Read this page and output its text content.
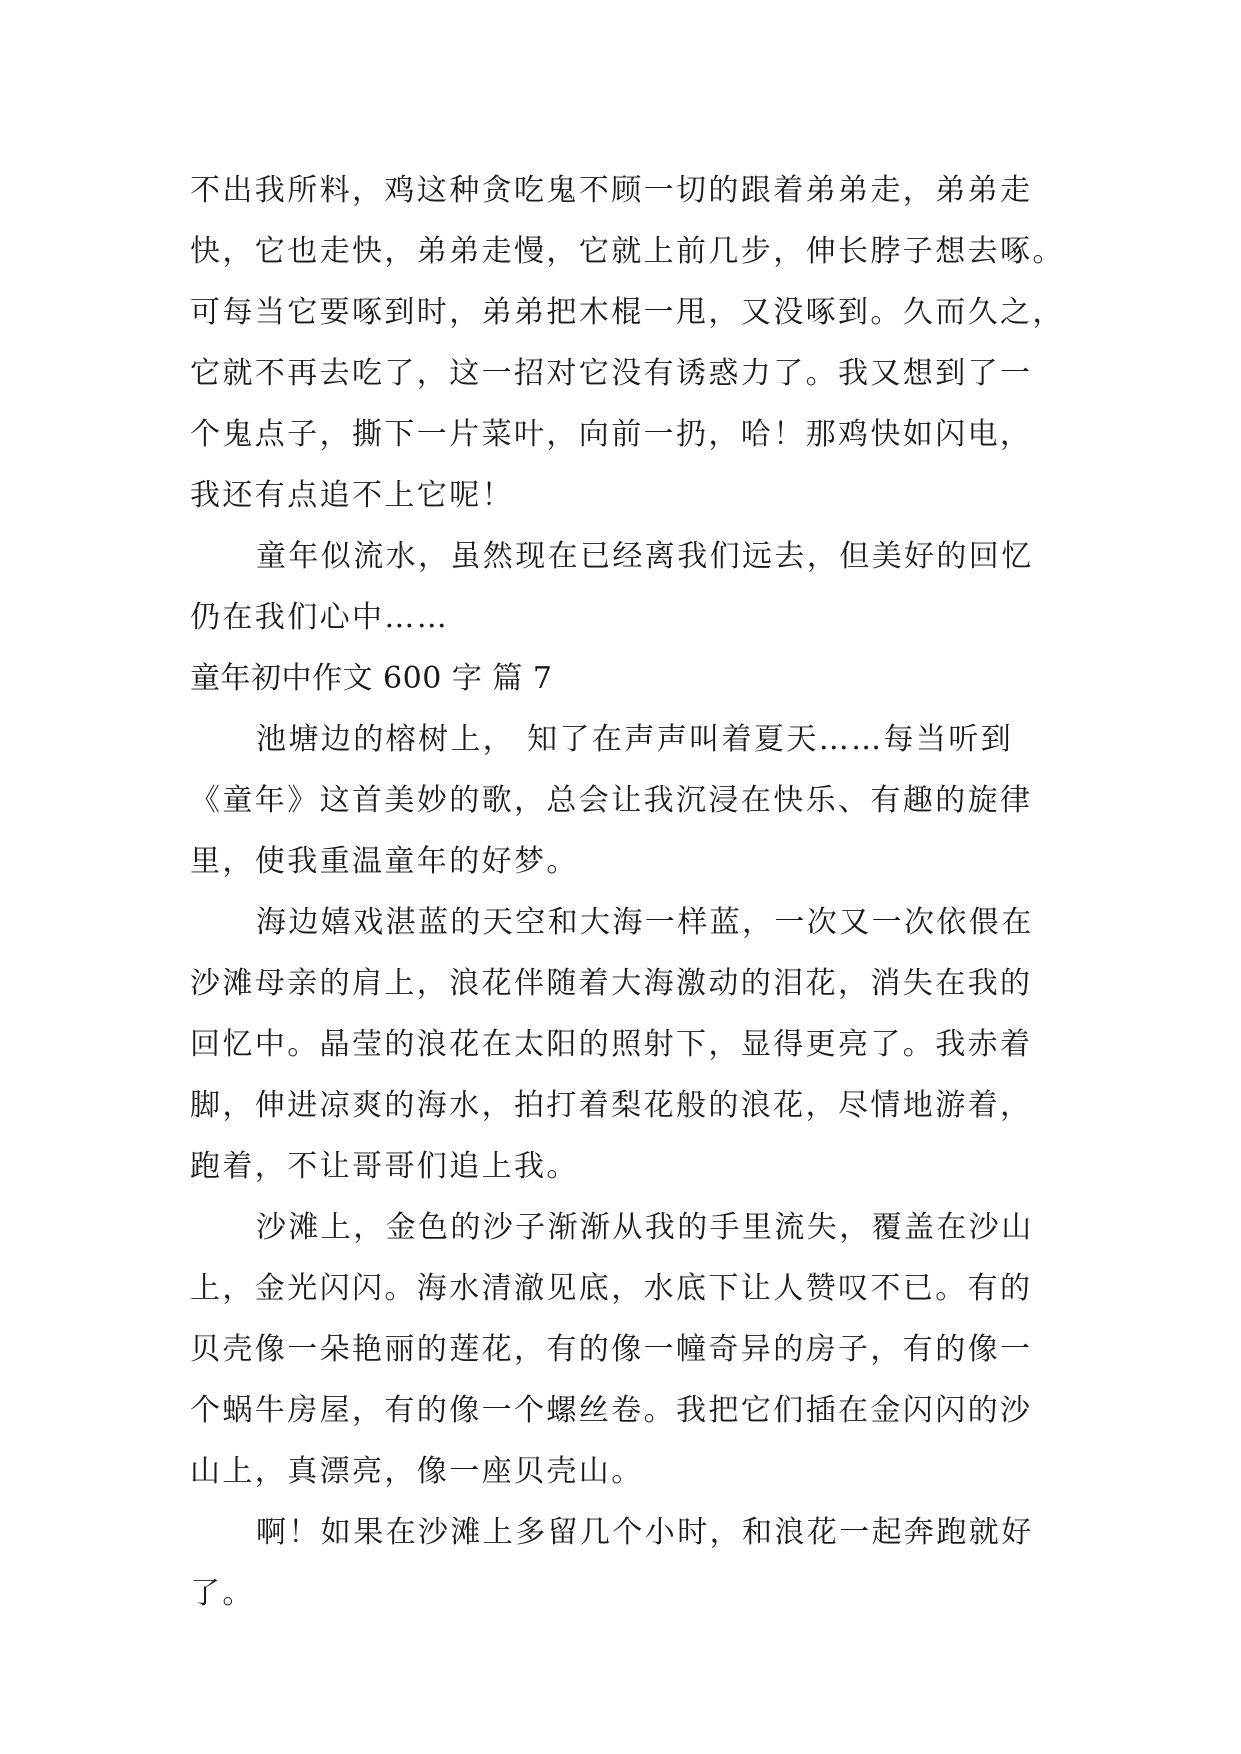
不出我所料，鸡这种贪吃鬼不顾一切的跟着弟弟走，弟弟走
快，它也走快，弟弟走慢，它就上前几步，伸长脖子想去啄。
可每当它要啄到时，弟弟把木棍一甩，又没啄到。久而久之，
它就不再去吃了，这一招对它没有诱惑力了。我又想到了一
个鬼点子，撕下一片菜叶，向前一扔，哈！那鸡快如闪电，
我还有点追不上它呢！
童年似流水，虽然现在已经离我们远去，但美好的回忆
仍在我们心中……
童年初中作文 600 字 篇 7
池塘边的榕树上， 知了在声声叫着夏天……每当听到
《童年》这首美妙的歌，总会让我沉浸在快乐、有趣的旋律
里，使我重温童年的好梦。
海边嬉戏湛蓝的天空和大海一样蓝，一次又一次依偎在
沙滩母亲的肩上，浪花伴随着大海激动的泪花，消失在我的
回忆中。晶莹的浪花在太阳的照射下，显得更亮了。我赤着
脚，伸进凉爽的海水，拍打着梨花般的浪花，尽情地游着，
跑着，不让哥哥们追上我。
沙滩上，金色的沙子渐渐从我的手里流失，覆盖在沙山
上，金光闪闪。海水清澈见底，水底下让人赞叹不已。有的
贝壳像一朵艳丽的莲花，有的像一幢奇异的房子，有的像一
个蜗牛房屋，有的像一个螺丝卷。我把它们插在金闪闪的沙
山上，真漂亮，像一座贝壳山。
啊！如果在沙滩上多留几个小时，和浪花一起奔跑就好
了。
